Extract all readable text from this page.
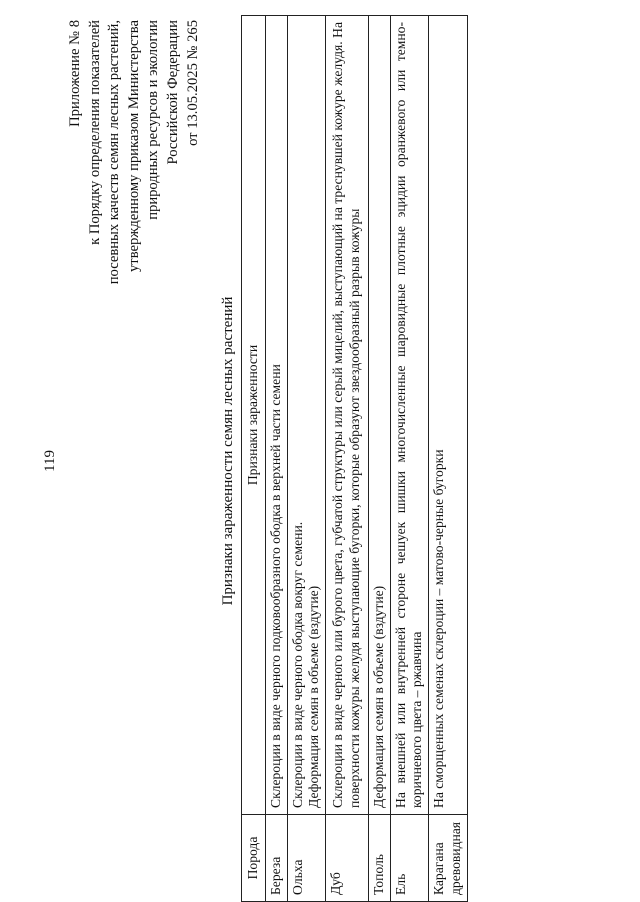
119
Приложение № 8 к Порядку определения показателей посевных качеств семян лесных растений, утвержденному приказом Министерства природных ресурсов и экологии Российской Федерации от 13.05.2025 № 265
Признаки зараженности семян лесных растений
Порода	Признаки зараженности
Береза	Склероции в виде черного подковообразного ободка в верхней части семени
Ольха	Склероции в виде черного ободка вокруг семени. Деформация семян в объеме (вздутие)

Дуб	Склероции в виде черного или бурого цвета, губчатой структуры или серый мицелий, выступающий на треснувшей кожуре желудя. На поверхности кожуры желудя выступающие бугорки, которые образуют звездообразный разрыв кожуры
Тополь	Деформация семян в объеме (вздутие)
Ель	На внешней или внутренней стороне чешуек шишки многочисленные шаровидные плотные эцидии оранжевого или темно-коричневого цвета – ржавчина
Карагана древовидная	На сморщенных семенах склероции – матово-черные бугорки
